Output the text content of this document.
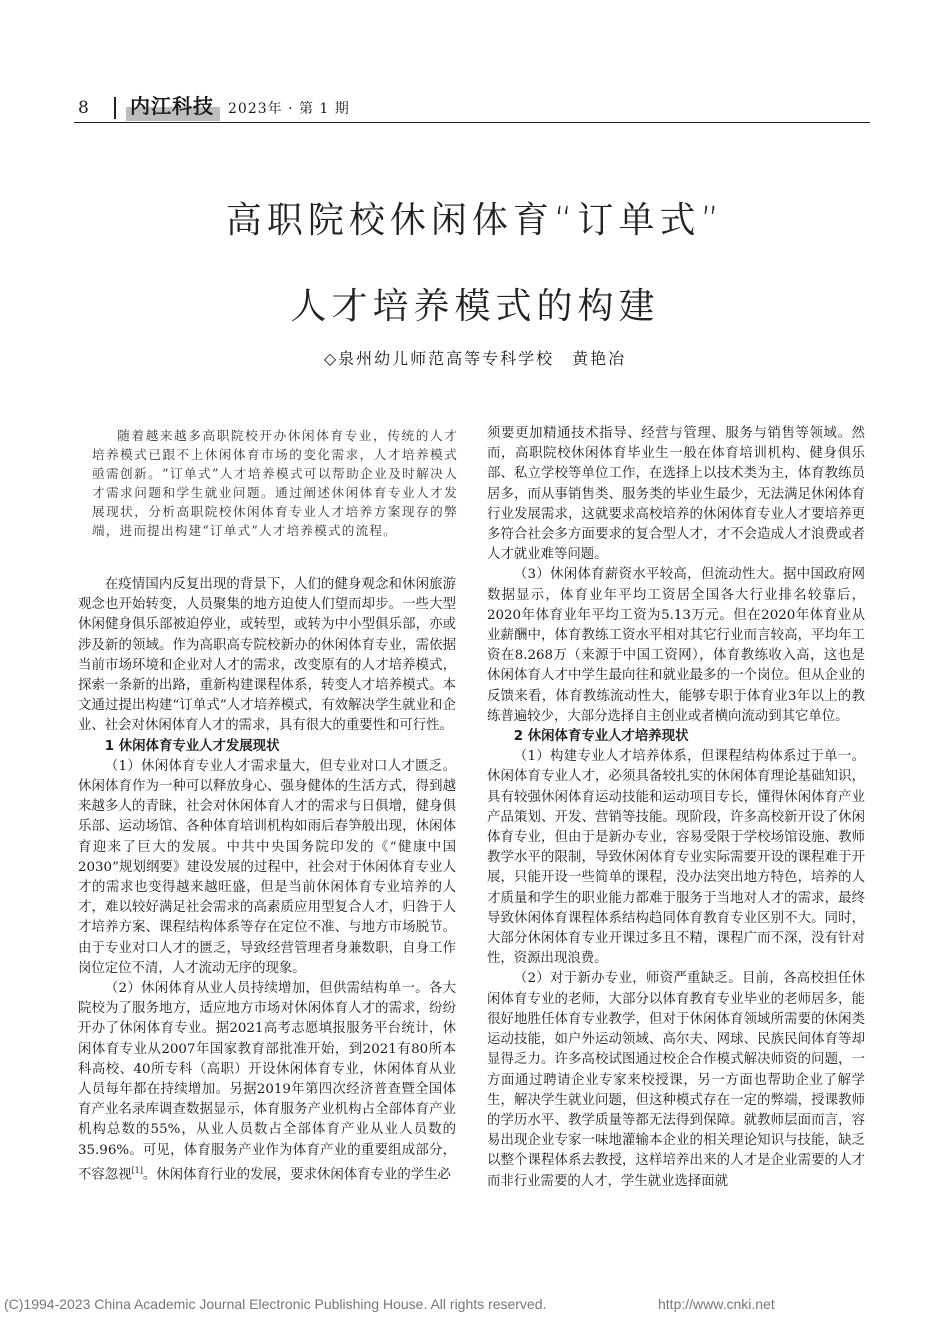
8	内江科技	2023年 · 第 1 期
高职院校休闲体育“订单式”
人才培养模式的构建
◇泉州幼儿师范高等专科学校 黄艳冶
随着越来越多高职院校开办休闲体育专业，传统的人才培养模式已跟不上休闲体育市场的变化需求，人才培养模式亟需创新。“订单式”人才培养模式可以帮助企业及时解决人才需求问题和学生就业问题。通过阐述休闲体育专业人才发展现状，分析高职院校休闲体育专业人才培养方案现存的弊端，进而提出构建“订单式”人才培养模式的流程。

在疫情国内反复出现的背景下，人们的健身观念和休闲旅游观念也开始转变，人员聚集的地方迫使人们望而却步。一些大型休闲健身俱乐部被迫停业，或转型，或转为中小型俱乐部，亦或涉及新的领域。作为高职高专院校新办的休闲体育专业，需依据当前市场环境和企业对人才的需求，改变原有的人才培养模式，探索一条新的出路，重新构建课程体系，转变人才培养模式。本文通过提出构建“订单式”人才培养模式，有效解决学生就业和企业、社会对休闲体育人才的需求，具有很大的重要性和可行性。

1 休闲体育专业人才发展现状

（1）休闲体育专业人才需求量大，但专业对口人才匮乏。休闲体育作为一种可以释放身心、强身健体的生活方式，得到越来越多人的青睐，社会对休闲体育人才的需求与日俱增，健身俱乐部、运动场馆、各种体育培训机构如雨后春笋般出现，休闲体育迎来了巨大的发展。中共中央国务院印发的《“健康中国2030”规划纲要》建设发展的过程中，社会对于休闲体育专业人才的需求也变得越来越旺盛，但是当前休闲体育专业培养的人才，难以较好满足社会需求的高素质应用型复合人才，归咎于人才培养方案、课程结构体系等存在定位不准、与地方市场脱节。由于专业对口人才的匮乏，导致经营管理者身兼数职，自身工作岗位定位不清，人才流动无序的现象。

（2）休闲体育从业人员持续增加，但供需结构单一。各大院校为了服务地方，适应地方市场对休闲体育人才的需求，纷纷开办了休闲体育专业。据2021高考志愿填报服务平台统计，休闲体育专业从2007年国家教育部批准开始，到2021有80所本科高校、40所专科（高职）开设休闲体育专业，休闲体育从业人员每年都在持续增加。另据2019年第四次经济普查暨全国体育产业名录库调查数据显示，体育服务产业机构占全部体育产业机构总数的55%，从业人员数占全部体育产业从业人员数的35.96%。可见，体育服务产业作为体育产业的重要组成部分，不容忽视[1]。休闲体育行业的发展，要求休闲体育专业的学生必

须要更加精通技术指导、经营与管理、服务与销售等领域。然而，高职院校休闲体育毕业生一般在体育培训机构、健身俱乐部、私立学校等单位工作，在选择上以技术类为主，体育教练员居多，而从事销售类、服务类的毕业生最少，无法满足休闲体育行业发展需求，这就要求高校培养的休闲体育专业人才要培养更多符合社会多方面要求的复合型人才，才不会造成人才浪费或者人才就业难等问题。

（3）休闲体育薪资水平较高，但流动性大。据中国政府网数据显示，体育业年平均工资居全国各大行业排名较靠后，2020年体育业年平均工资为5.13万元。但在2020年体育业从业薪酬中，体育教练工资水平相对其它行业而言较高，平均年工资在8.268万（来源于中国工资网），体育教练收入高，这也是休闲体育人才中学生最向往和就业最多的一个岗位。但从企业的反馈来看，体育教练流动性大，能够专职于体育业3年以上的教练普遍较少，大部分选择自主创业或者横向流动到其它单位。

2 休闲体育专业人才培养现状

（1）构建专业人才培养体系，但课程结构体系过于单一。休闲体育专业人才，必须具备较扎实的休闲体育理论基础知识，具有较强休闲体育运动技能和运动项目专长，懂得休闲体育产业产品策划、开发、营销等技能。现阶段，许多高校新开设了休闲体育专业，但由于是新办专业，容易受限于学校场馆设施、教师教学水平的限制，导致休闲体育专业实际需要开设的课程难于开展，只能开设一些简单的课程，没办法突出地方特色，培养的人才质量和学生的职业能力都难于服务于当地对人才的需求，最终导致休闲体育课程体系结构趋同体育教育专业区别不大。同时，大部分休闲体育专业开课过多且不精，课程广而不深，没有针对性，资源出现浪费。

（2）对于新办专业，师资严重缺乏。目前，各高校担任休闲体育专业的老师，大部分以体育教育专业毕业的老师居多，能很好地胜任体育专业教学，但对于休闲体育领域所需要的休闲类运动技能，如户外运动领域、高尔夫、网球、民族民间体育等却显得乏力。许多高校试图通过校企合作模式解决师资的问题，一方面通过聘请企业专家来校授课，另一方面也帮助企业了解学生，解决学生就业问题，但这种模式存在一定的弊端，授课教师的学历水平、教学质量等都无法得到保障。就教师层面而言，容易出现企业专家一味地灌输本企业的相关理论知识与技能，缺乏以整个课程体系去教授，这样培养出来的人才是企业需要的人才而非行业需要的人才，学生就业选择面就

(C)1994-2023 China Academic Journal Electronic Publishing House. All rights reserved.	http://www.cnki.net
